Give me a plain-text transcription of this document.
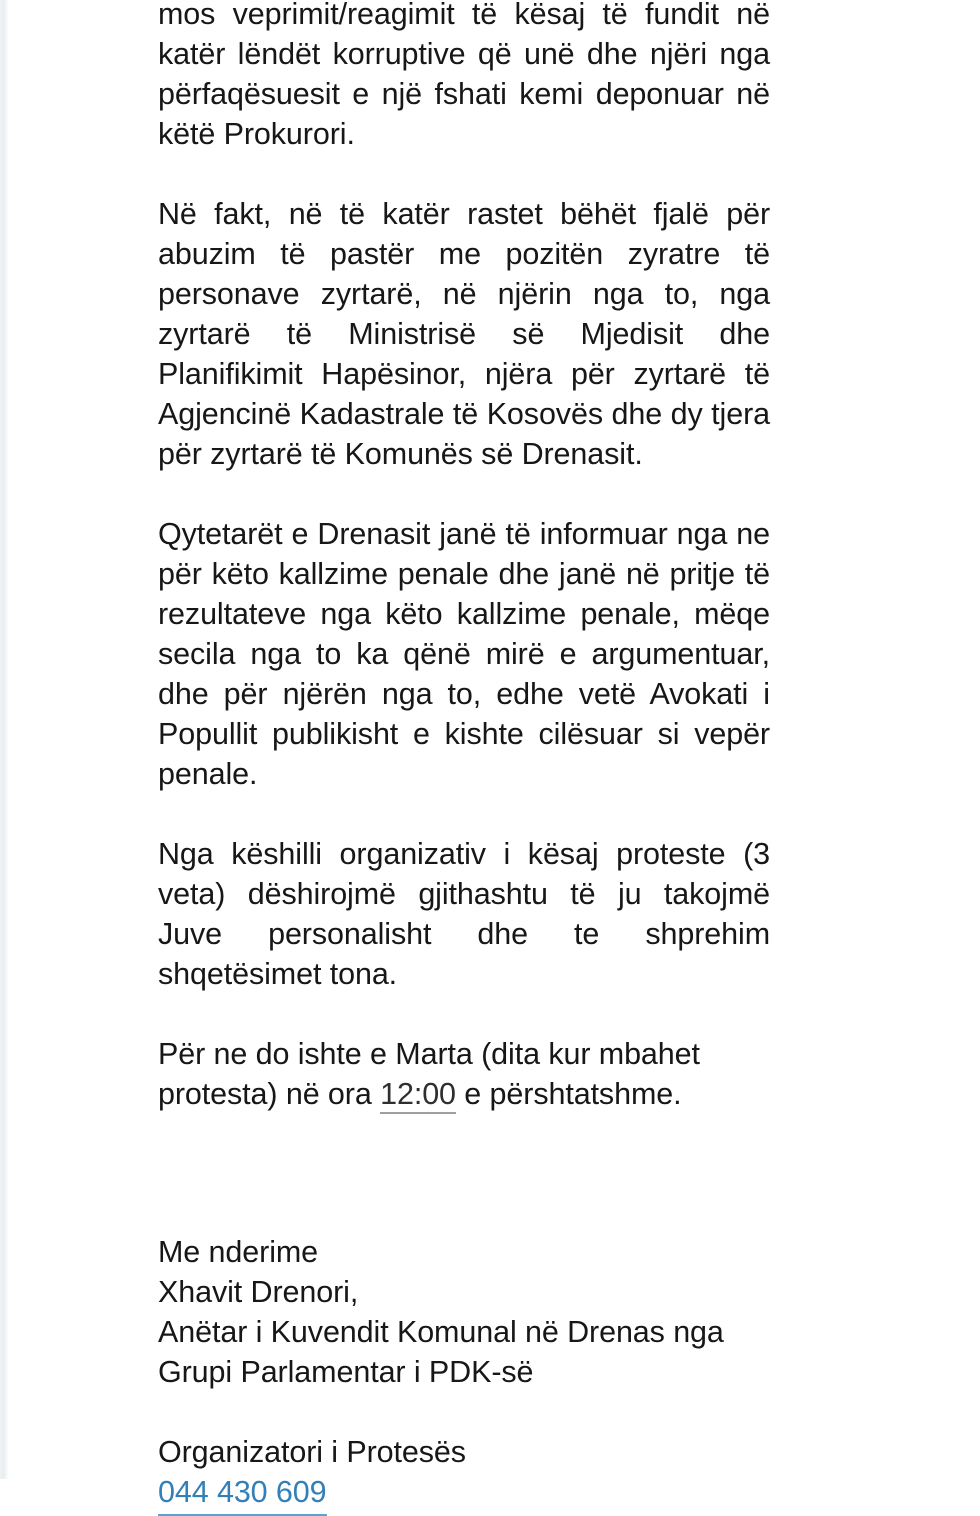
mos veprimit/reagimit të kësaj të fundit në katër lëndët korruptive që unë dhe njëri nga përfaqësuesit e një fshati kemi deponuar në këtë Prokurori.

Në fakt, në të katër rastet bëhët fjalë për abuzim të pastër me pozitën zyratre të personave zyrtarë, në njërin nga to, nga zyrtarë të Ministrisë së Mjedisit dhe Planifikimit Hapësinor, njëra për zyrtarë të Agjencinë Kadastrale të Kosovës dhe dy tjera për zyrtarë të Komunës së Drenasit.

Qytetarët e Drenasit janë të informuar nga ne për këto kallzime penale dhe janë në pritje të rezultateve nga këto kallzime penale, mëqe secila nga to ka qënë mirë e argumentuar, dhe për njërën nga to, edhe vetë Avokati i Popullit publikisht e kishte cilësuar si vepër penale.

Nga këshilli organizativ i kësaj proteste (3 veta) dëshirojmë gjithashtu të ju takojmë Juve personalisht dhe te shprehim shqetësimet tona.

Për ne do ishte e Marta (dita kur mbahet protesta) në ora 12:00 e përshtatshme.

Me nderime
Xhavit Drenori,
Anëtar i Kuvendit Komunal në Drenas nga
Grupi Parlamentar i PDK-së
Organizatori i Protesës
044 430 609
